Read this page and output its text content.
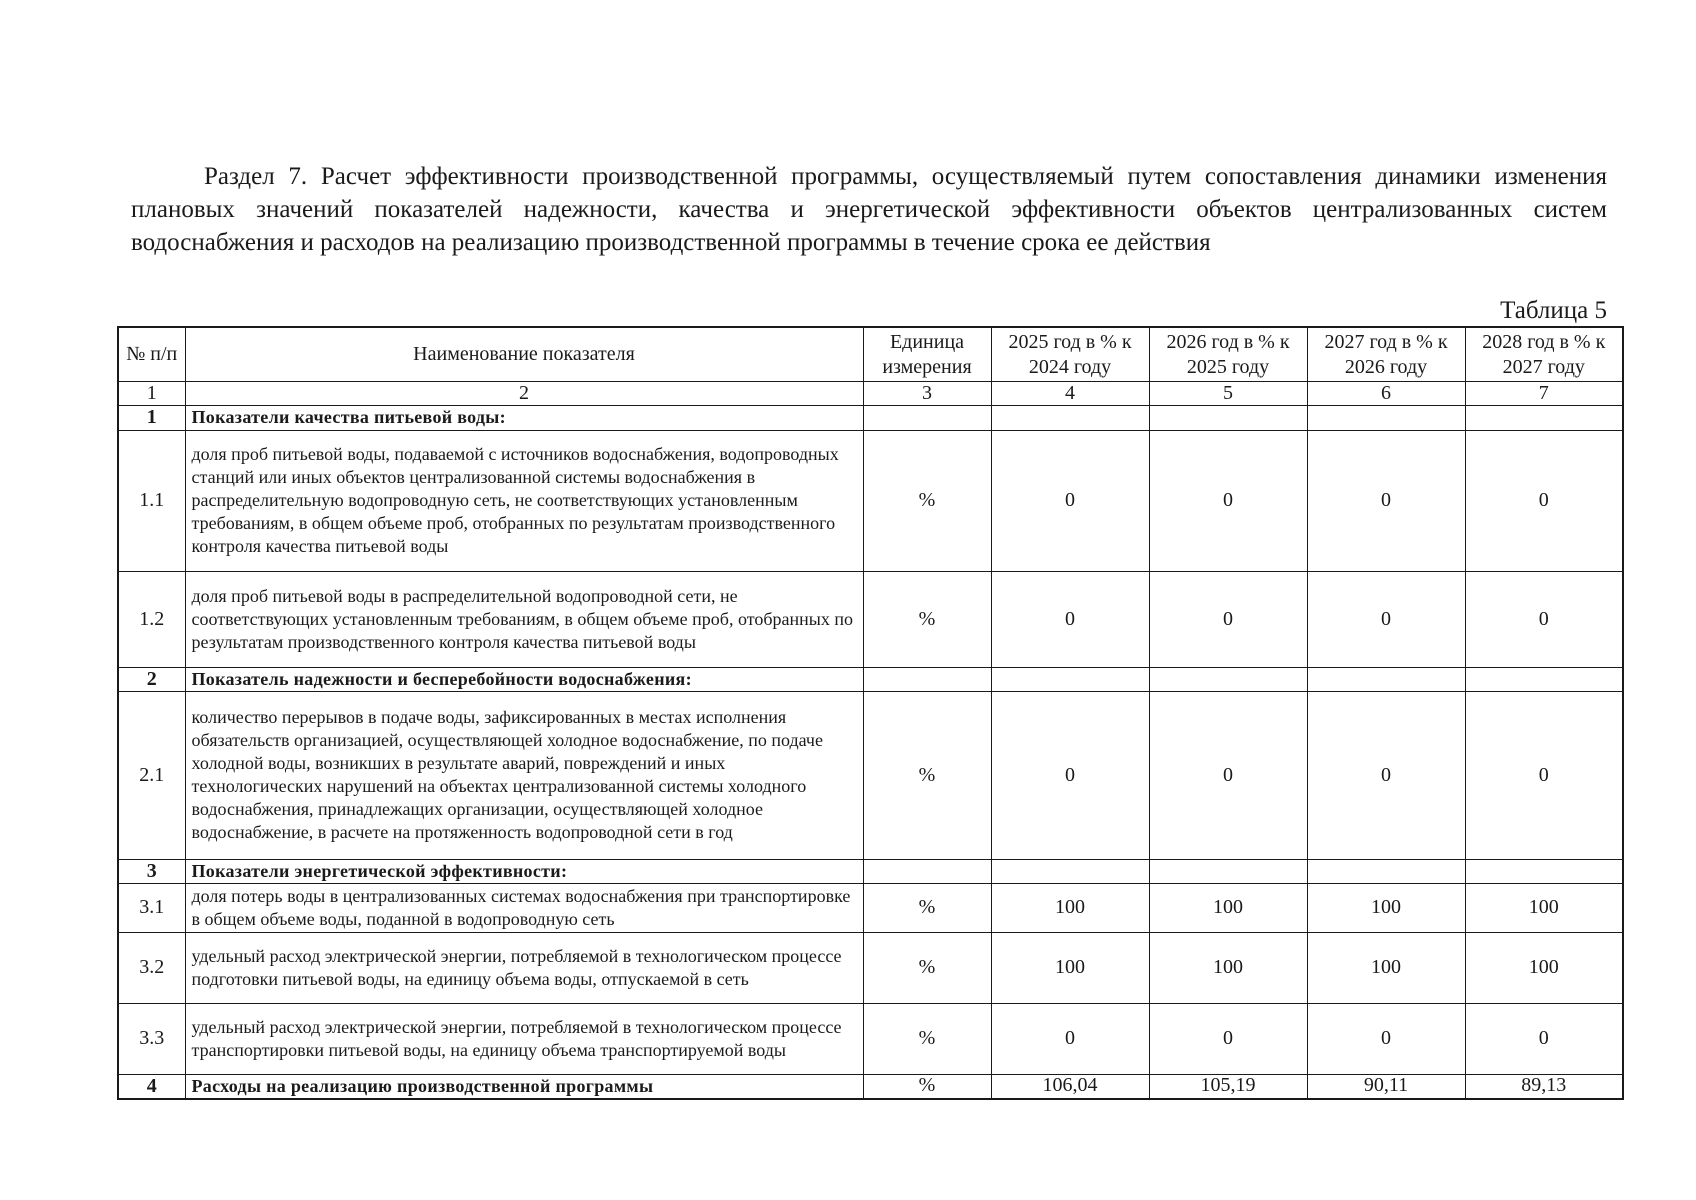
Раздел 7. Расчет эффективности производственной программы, осуществляемый путем сопоставления динамики изменения плановых значений показателей надежности, качества и энергетической эффективности объектов централизованных систем водоснабжения и расходов на реализацию производственной программы в течение срока ее действия

Таблица 5
№ п/п	Наименование показателя	Единица измерения	2025 год в % к 2024 году	2026 год в % к 2025 году	2027 год в % к 2026 году	2028 год в % к 2027 году
1	2	3	4	5	6	7
1	Показатели качества питьевой воды:					
1.1	доля проб питьевой воды, подаваемой с источников водоснабжения, водопроводных станций или иных объектов централизованной системы водоснабжения в распределительную водопроводную сеть, не соответствующих установленным требованиям, в общем объеме проб, отобранных по результатам производственного контроля качества питьевой воды	%	0	0	0	0
1.2	доля проб питьевой воды в распределительной водопроводной сети, не соответствующих установленным требованиям, в общем объеме проб, отобранных по результатам производственного контроля качества питьевой воды	%	0	0	0	0
2	Показатель надежности и бесперебойности водоснабжения:					
2.1	количество перерывов в подаче воды, зафиксированных в местах исполнения обязательств организацией, осуществляющей холодное водоснабжение, по подаче холодной воды, возникших в результате аварий, повреждений и иных технологических нарушений на объектах централизованной системы холодного водоснабжения, принадлежащих организации, осуществляющей холодное водоснабжение, в расчете на протяженность водопроводной сети в год	%	0	0	0	0
3	Показатели энергетической эффективности:					
3.1	доля потерь воды в централизованных системах водоснабжения при транспортировке в общем объеме воды, поданной в водопроводную сеть	%	100	100	100	100
3.2	удельный расход электрической энергии, потребляемой в технологическом процессе подготовки питьевой воды, на единицу объема воды, отпускаемой в сеть	%	100	100	100	100
3.3	удельный расход электрической энергии, потребляемой в технологическом процессе транспортировки питьевой воды, на единицу объема транспортируемой воды	%	0	0	0	0
4	Расходы на реализацию производственной программы	%	106,04	105,19	90,11	89,13
